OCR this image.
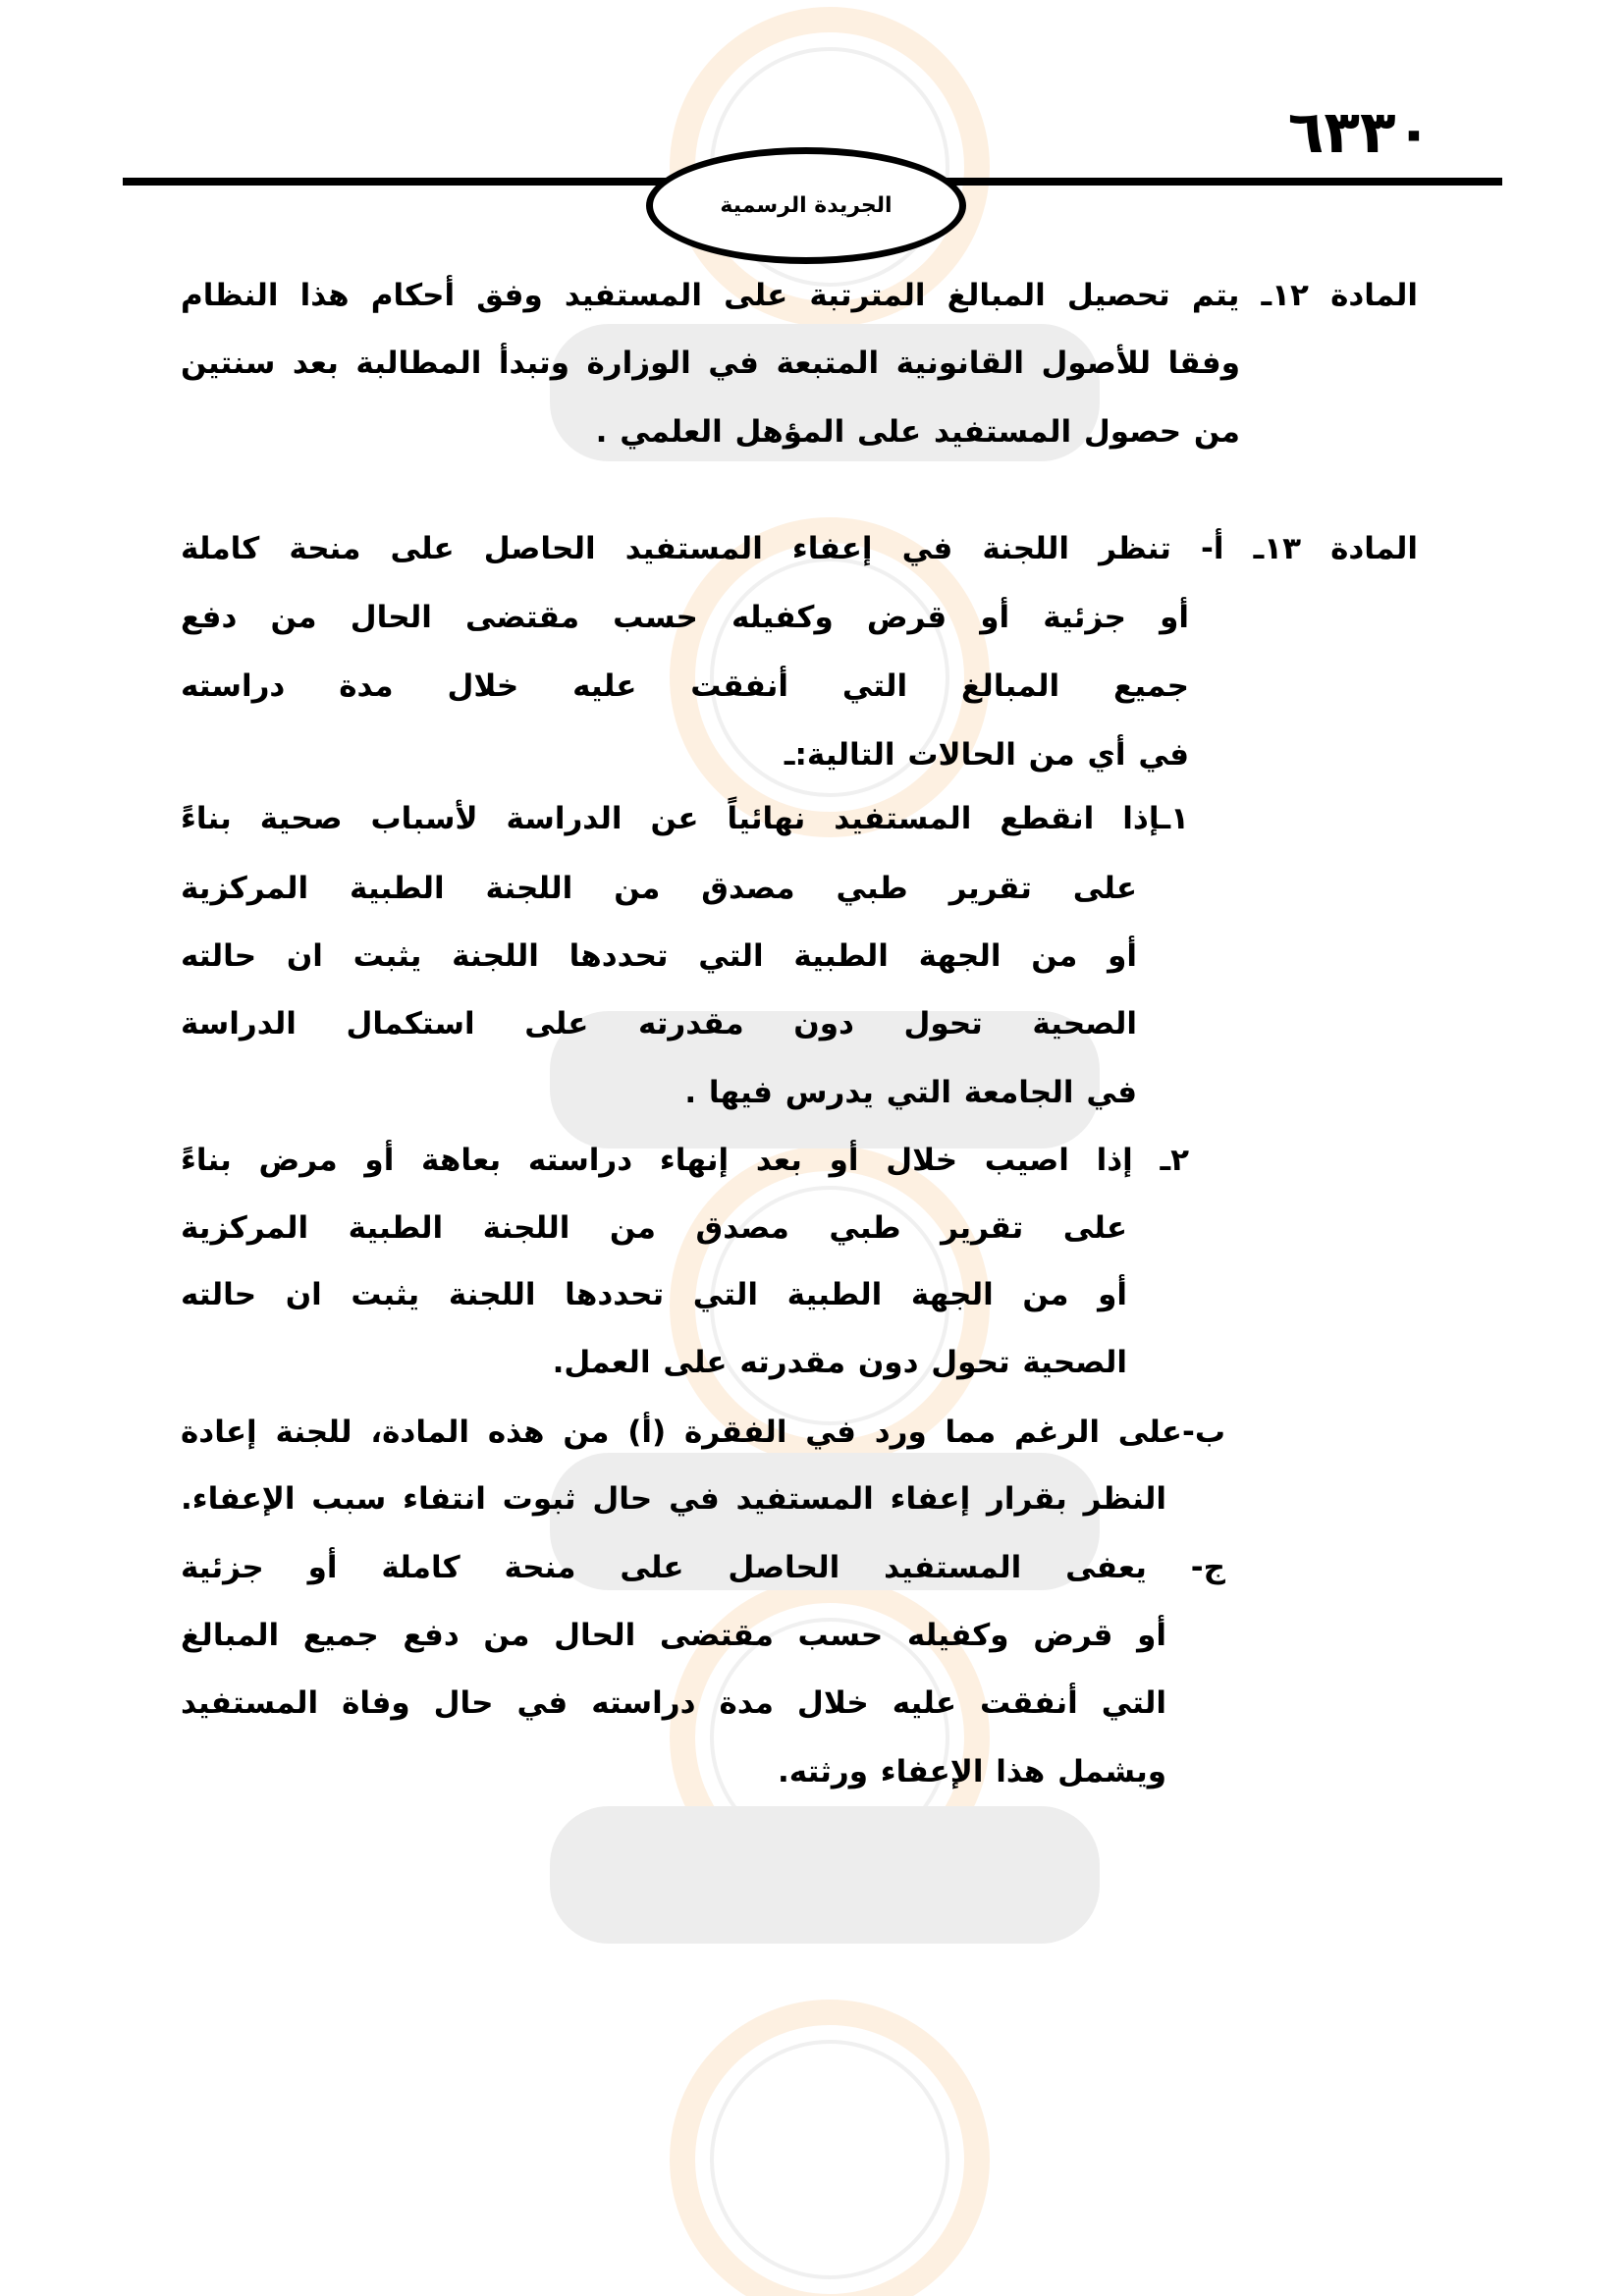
٦٣٣٠
الجريدة الرسمية
المادة ١٢ـ يتم تحصيل المبالغ المترتبة على المستفيد وفق أحكام هذا النظام
وفقا للأصول القانونية المتبعة في الوزارة وتبدأ المطالبة بعد سنتين
من حصول المستفيد على المؤهل العلمي .
المادة ١٣ـ أ- تنظر اللجنة في إعفاء المستفيد الحاصل على منحة كاملة
أو جزئية أو قرض وكفيله حسب مقتضى الحال من دفع
جميع المبالغ التي أنفقت عليه خلال مدة دراسته
في أي من الحالات التالية:ـ
١ـإذا انقطع المستفيد نهائياً عن الدراسة لأسباب صحية بناءً
على تقرير طبي مصدق من اللجنة الطبية المركزية
أو من الجهة الطبية التي تحددها اللجنة يثبت ان حالته
الصحية تحول دون مقدرته على استكمال الدراسة
في الجامعة التي يدرس فيها .
٢ـ إذا اصيب خلال أو بعد إنهاء دراسته بعاهة أو مرض بناءً
على تقرير طبي مصدق من اللجنة الطبية المركزية
أو من الجهة الطبية التي تحددها اللجنة يثبت ان حالته
الصحية تحول دون مقدرته على العمل.
ب-على الرغم مما ورد في الفقرة (أ) من هذه المادة، للجنة إعادة
النظر بقرار إعفاء المستفيد في حال ثبوت انتفاء سبب الإعفاء.
ج- يعفى المستفيد الحاصل على منحة كاملة أو جزئية
أو قرض وكفيله حسب مقتضى الحال من دفع جميع المبالغ
التي أنفقت عليه خلال مدة دراسته في حال وفاة المستفيد
ويشمل هذا الإعفاء ورثته.
